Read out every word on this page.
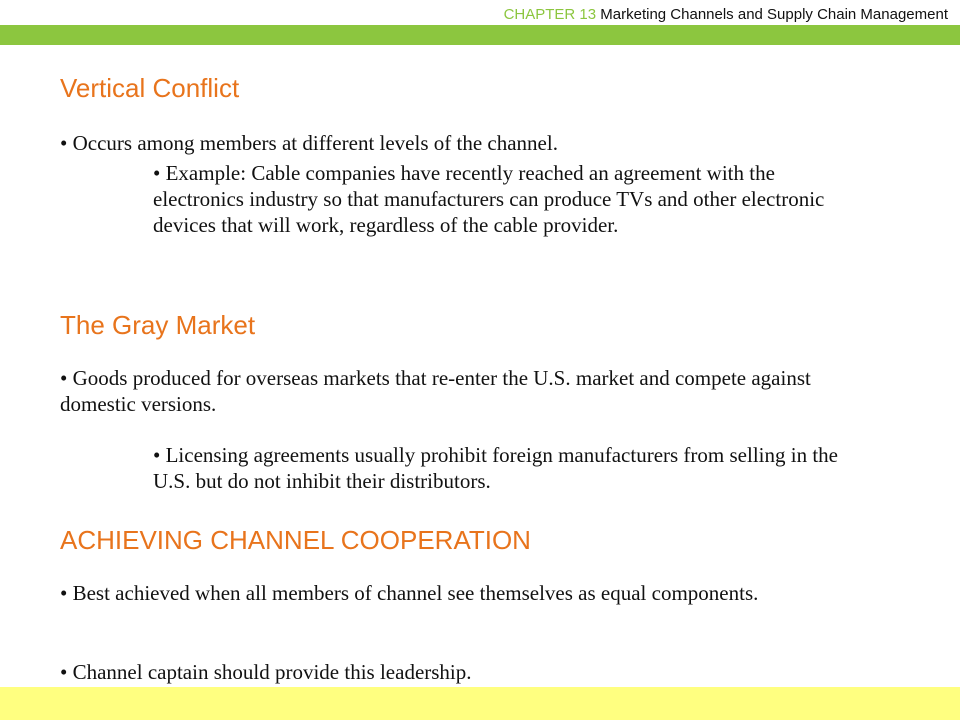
CHAPTER 13 Marketing Channels and Supply Chain Management
Vertical Conflict

• Occurs among members at different levels of the channel.

• Example: Cable companies have recently reached an agreement with the electronics industry so that manufacturers can produce TVs and other electronic devices that will work, regardless of the cable provider.

The Gray Market

• Goods produced for overseas markets that re-enter the U.S. market and compete against domestic versions.

• Licensing agreements usually prohibit foreign manufacturers from selling in the U.S. but do not inhibit their distributors.

ACHIEVING CHANNEL COOPERATION

• Best achieved when all members of channel see themselves as equal components.

• Channel captain should provide this leadership.
